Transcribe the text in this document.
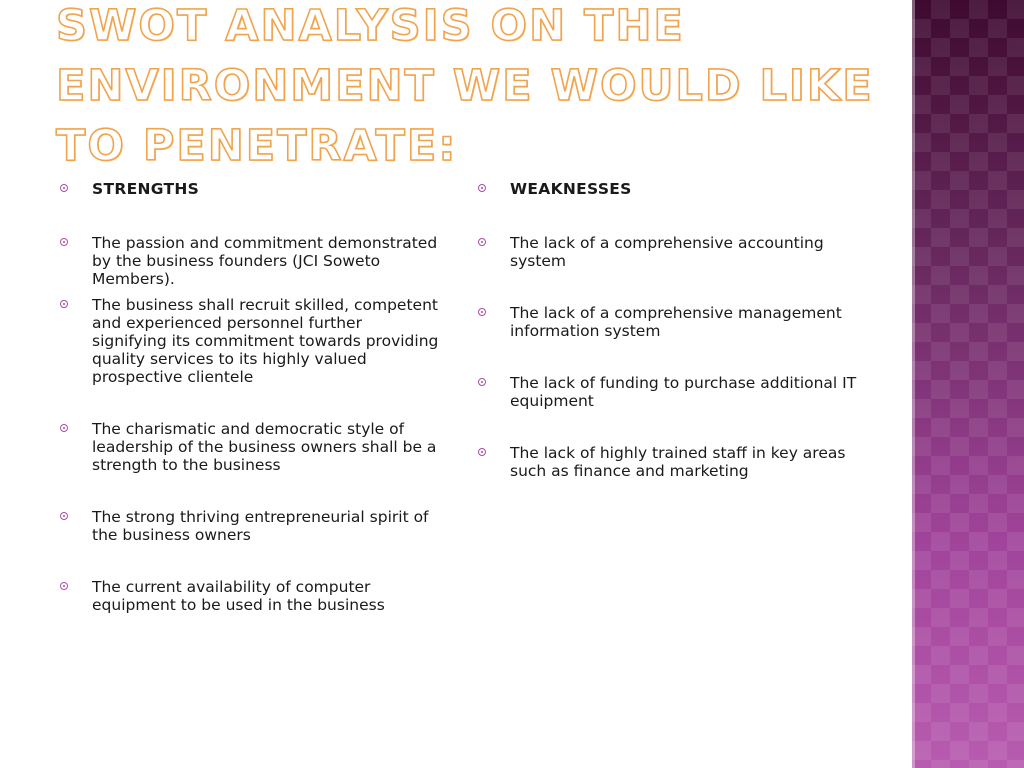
SWOT ANALYSIS ON THE ENVIRONMENT WE WOULD LIKE TO PENETRATE:
STRENGTHS
The passion and commitment demonstrated by the business founders (JCI Soweto Members).
The business shall recruit skilled, competent and experienced personnel further signifying its commitment towards providing quality services to its highly valued prospective clientele
The charismatic and democratic style of leadership of the business owners shall be a strength to the business
The strong thriving entrepreneurial spirit of the business owners
The current availability of computer equipment to be used in the business
WEAKNESSES
The lack of a comprehensive accounting system
The lack of a comprehensive management information system
The lack of funding to purchase additional IT equipment
The lack of highly trained staff in key areas such as finance and marketing
